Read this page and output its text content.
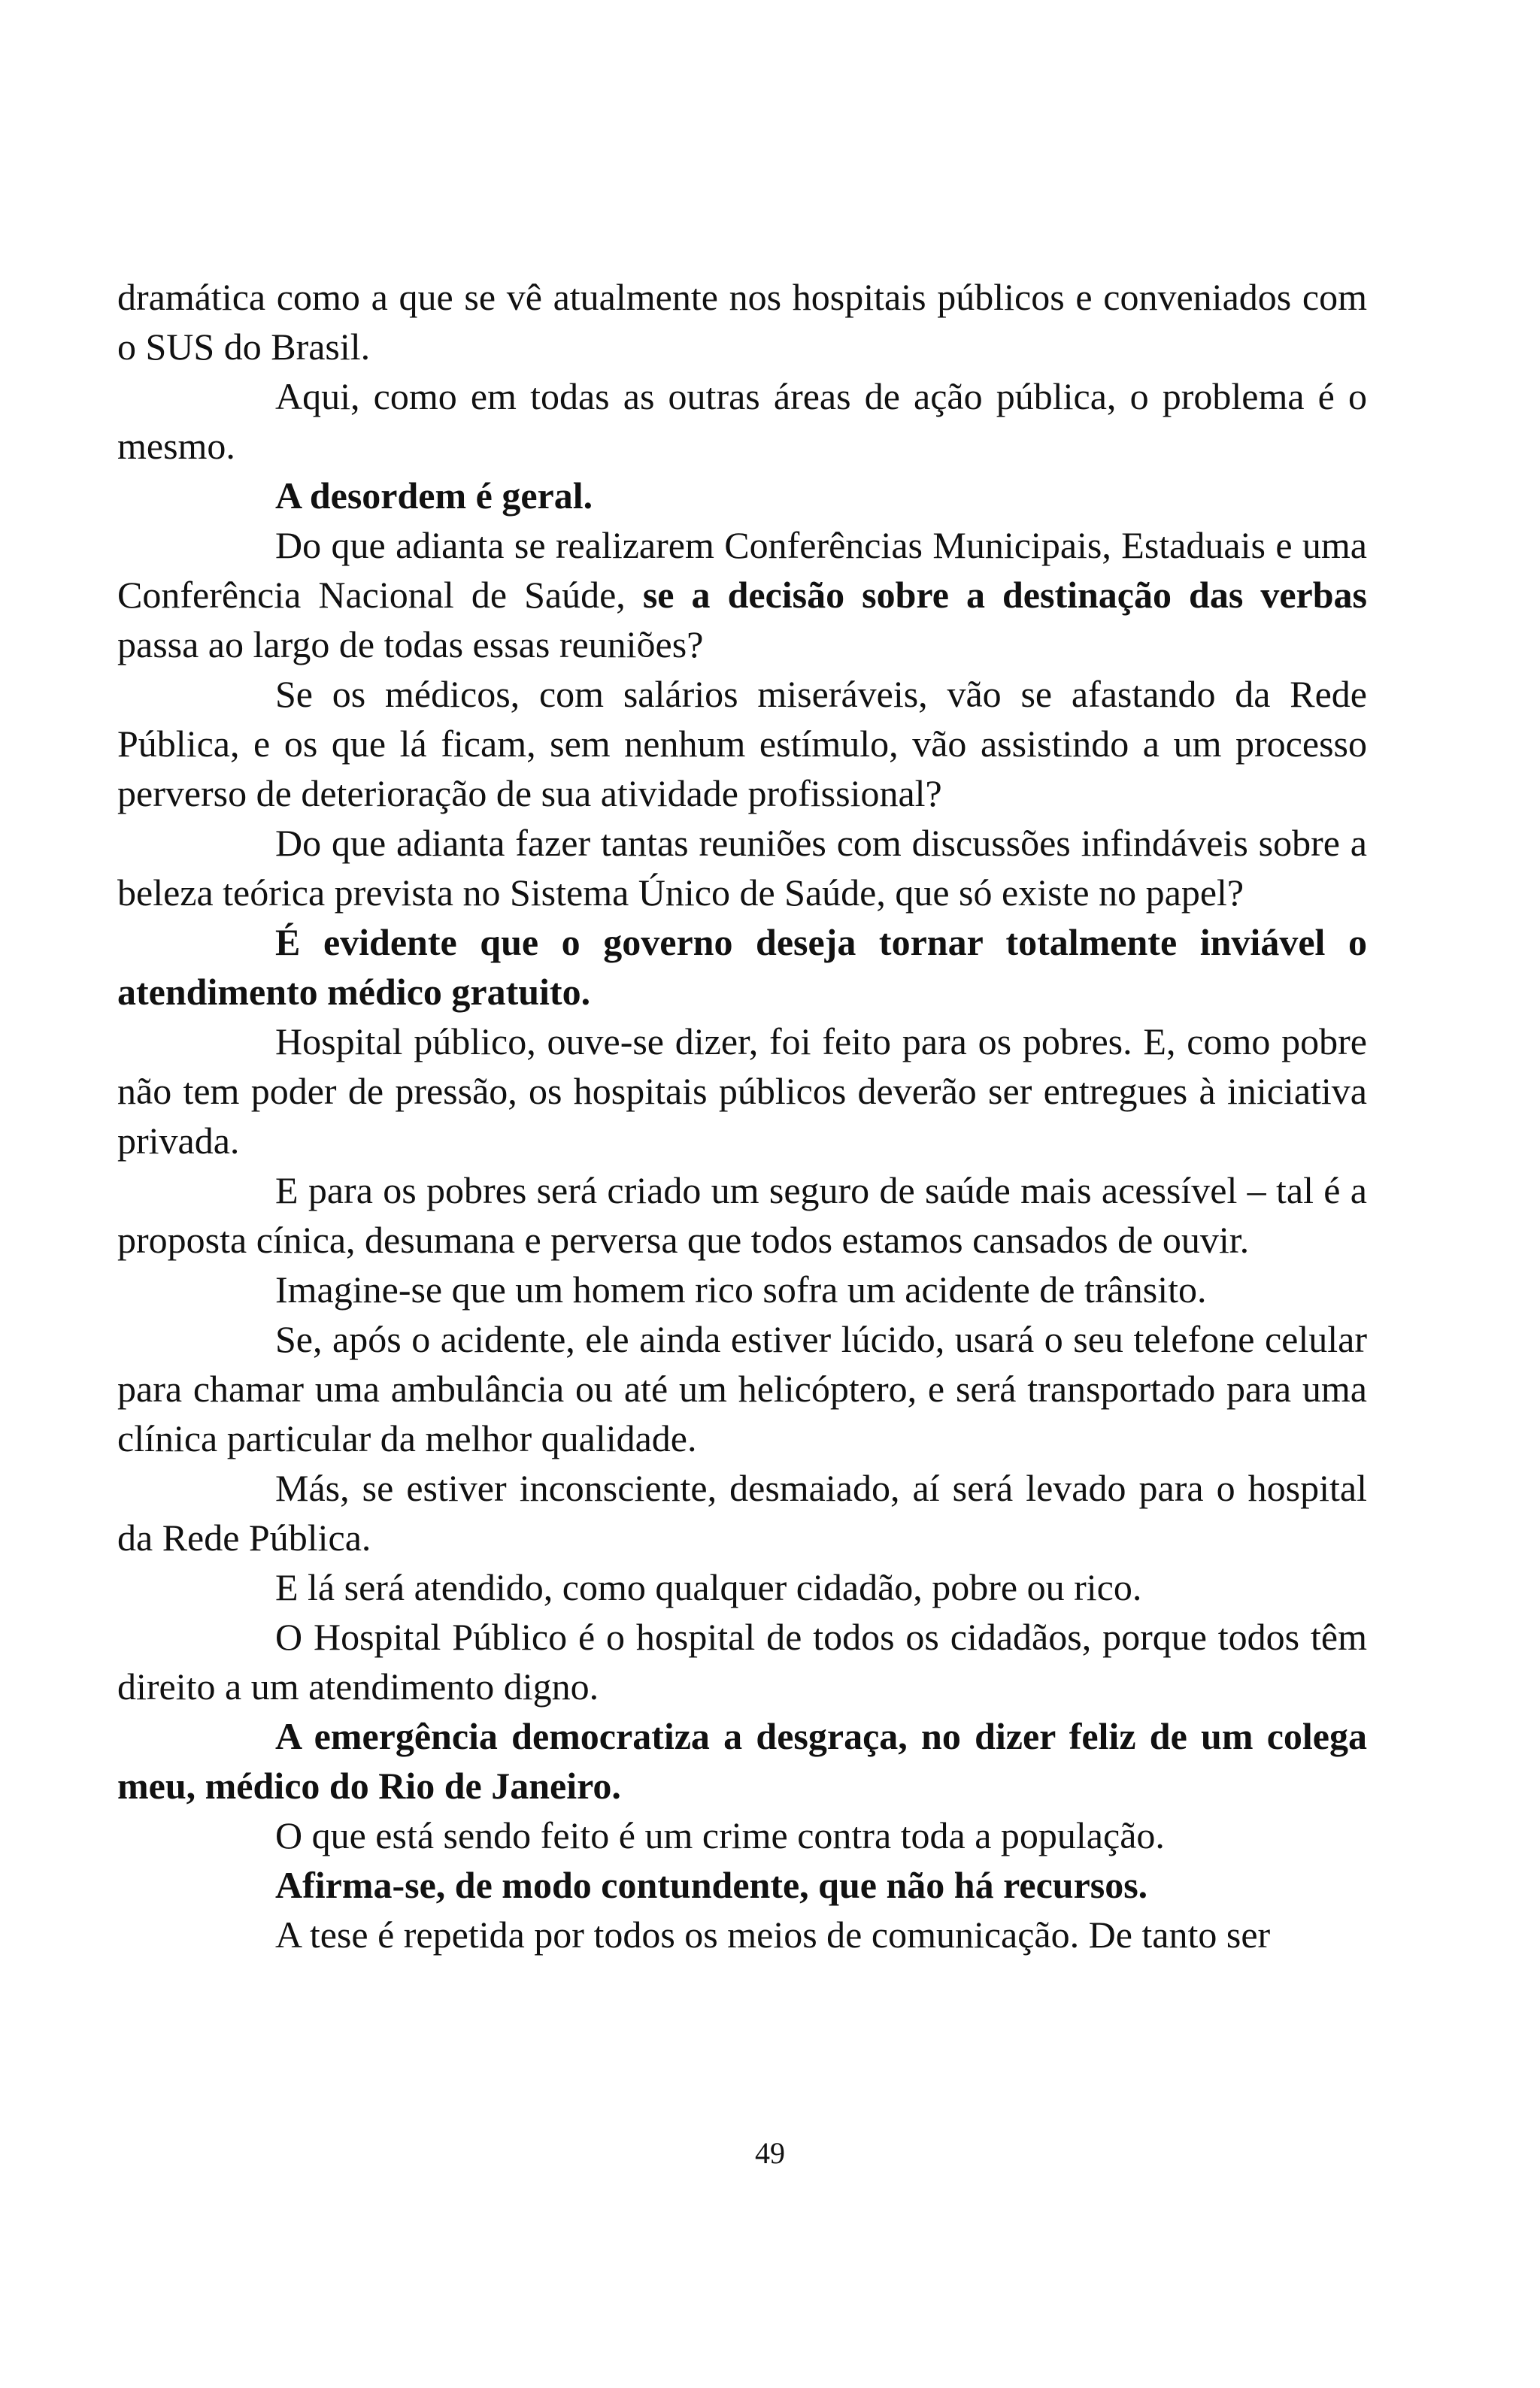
dramática como a que se vê atualmente nos hospitais públicos e conveniados com o SUS do Brasil.

Aqui, como em todas as outras áreas de ação pública, o problema é o mesmo.

A desordem é geral.

Do que adianta se realizarem Conferências Municipais, Estaduais e uma Conferência Nacional de Saúde, se a decisão sobre a destinação das verbas passa ao largo de todas essas reuniões?

Se os médicos, com salários miseráveis, vão se afastando da Rede Pública, e os que lá ficam, sem nenhum estímulo, vão assistindo a um processo perverso de deterioração de sua atividade profissional?

Do que adianta fazer tantas reuniões com discussões infindáveis sobre a beleza teórica prevista no Sistema Único de Saúde, que só existe no papel?

É evidente que o governo deseja tornar totalmente inviável o atendimento médico gratuito.

Hospital público, ouve-se dizer, foi feito para os pobres. E, como pobre não tem poder de pressão, os hospitais públicos deverão ser entregues à iniciativa privada.

E para os pobres será criado um seguro de saúde mais acessível – tal é a proposta cínica, desumana e perversa que todos estamos cansados de ouvir.

Imagine-se que um homem rico sofra um acidente de trânsito.

Se, após o acidente, ele ainda estiver lúcido, usará o seu telefone celular para chamar uma ambulância ou até um helicóptero, e será transportado para uma clínica particular da melhor qualidade.

Más, se estiver inconsciente, desmaiado, aí será levado para o hospital da Rede Pública.

E lá será atendido, como qualquer cidadão, pobre ou rico.

O Hospital Público é o hospital de todos os cidadãos, porque todos têm direito a um atendimento digno.

A emergência democratiza a desgraça, no dizer feliz de um colega meu, médico do Rio de Janeiro.

O que está sendo feito é um crime contra toda a população.

Afirma-se, de modo contundente, que não há recursos.

A tese é repetida por todos os meios de comunicação. De tanto ser

49
